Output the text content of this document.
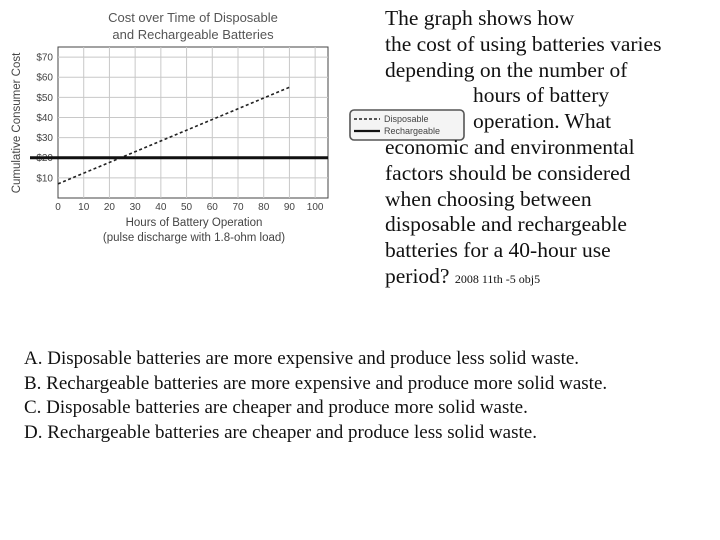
Cost over Time of Disposable
and Rechargeable Batteries
0 10 20 30 40 50 60 70 80 90 100
$10
$20
$30
$40
$50
$60
$70
Hours of Battery Operation
(pulse discharge with 1.8-ohm load)
Cumulative Consumer Cost	Disposable
Rechargeable
The graph shows how
the cost of using batteries varies
depending on the number of
hours of battery
operation. What
economic and environmental
factors should be considered
when choosing between
disposable and rechargeable
batteries for a 40-hour use
period? 2008 11th -5 obj5
A. Disposable batteries are more expensive and produce less solid waste.
B. Rechargeable batteries are more expensive and produce more solid waste.
C. Disposable batteries are cheaper and produce more solid waste.
D. Rechargeable batteries are cheaper and produce less solid waste.
